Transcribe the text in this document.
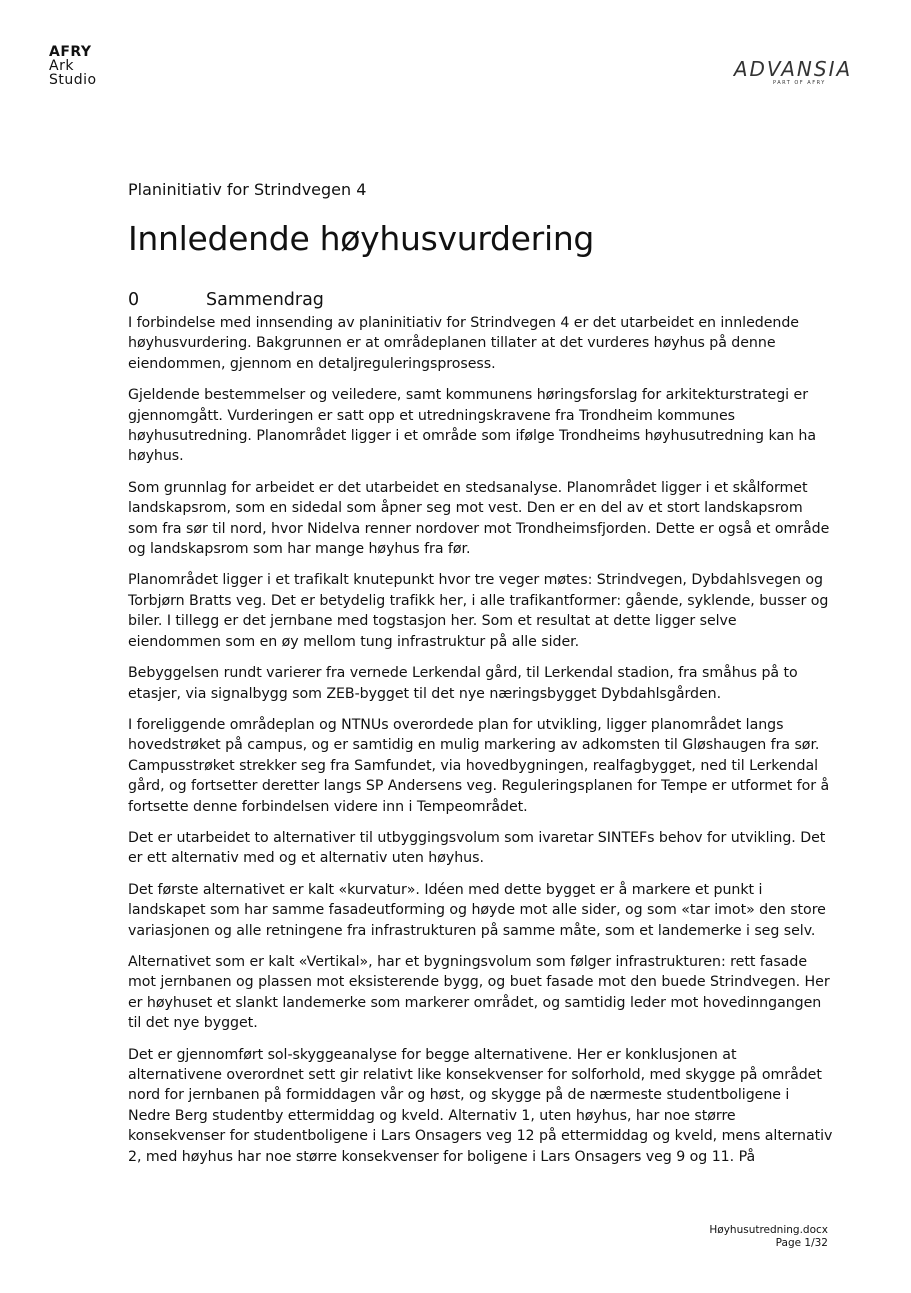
AFRY
Ark
Studio	ADVANSIA
PART OF AFRY

Planinitiativ for Strindvegen 4

Innledende høyhusvurdering
0	Sammendrag

I forbindelse med innsending av planinitiativ for Strindvegen 4 er det utarbeidet en innledende høyhusvurdering. Bakgrunnen er at områdeplanen tillater at det vurderes høyhus på denne eiendommen, gjennom en detaljreguleringsprosess.

Gjeldende bestemmelser og veiledere, samt kommunens høringsforslag for arkitekturstrategi er gjennomgått. Vurderingen er satt opp et utredningskravene fra Trondheim kommunes høyhusutredning. Planområdet ligger i et område som ifølge Trondheims høyhusutredning kan ha høyhus.

Som grunnlag for arbeidet er det utarbeidet en stedsanalyse. Planområdet ligger i et skålformet landskapsrom, som en sidedal som åpner seg mot vest. Den er en del av et stort landskapsrom som fra sør til nord, hvor Nidelva renner nordover mot Trondheimsfjorden. Dette er også et område og landskapsrom som har mange høyhus fra før.

Planområdet ligger i et trafikalt knutepunkt hvor tre veger møtes: Strindvegen, Dybdahlsvegen og Torbjørn Bratts veg. Det er betydelig trafikk her, i alle trafikantformer: gående, syklende, busser og biler. I tillegg er det jernbane med togstasjon her. Som et resultat at dette ligger selve eiendommen som en øy mellom tung infrastruktur på alle sider.

Bebyggelsen rundt varierer fra vernede Lerkendal gård, til Lerkendal stadion, fra småhus på to etasjer, via signalbygg som ZEB-bygget til det nye næringsbygget Dybdahlsgården.

I foreliggende områdeplan og NTNUs overordede plan for utvikling, ligger planområdet langs hovedstrøket på campus, og er samtidig en mulig markering av adkomsten til Gløshaugen fra sør. Campusstrøket strekker seg fra Samfundet, via hovedbygningen, realfagbygget, ned til Lerkendal gård, og fortsetter deretter langs SP Andersens veg. Reguleringsplanen for Tempe er utformet for å fortsette denne forbindelsen videre inn i Tempeområdet.

Det er utarbeidet to alternativer til utbyggingsvolum som ivaretar SINTEFs behov for utvikling. Det er ett alternativ med og et alternativ uten høyhus.

Det første alternativet er kalt «kurvatur». Idéen med dette bygget er å markere et punkt i landskapet som har samme fasadeutforming og høyde mot alle sider, og som «tar imot» den store variasjonen og alle retningene fra infrastrukturen på samme måte, som et landemerke i seg selv.

Alternativet som er kalt «Vertikal», har et bygningsvolum som følger infrastrukturen: rett fasade mot jernbanen og plassen mot eksisterende bygg, og buet fasade mot den buede Strindvegen. Her er høyhuset et slankt landemerke som markerer området, og samtidig leder mot hovedinngangen til det nye bygget.

Det er gjennomført sol-skyggeanalyse for begge alternativene. Her er konklusjonen at alternativene overordnet sett gir relativt like konsekvenser for solforhold, med skygge på området nord for jernbanen på formiddagen vår og høst, og skygge på de nærmeste studentboligene i Nedre Berg studentby ettermiddag og kveld. Alternativ 1, uten høyhus, har noe større konsekvenser for studentboligene i Lars Onsagers veg 12 på ettermiddag og kveld, mens alternativ 2, med høyhus har noe større konsekvenser for boligene i Lars Onsagers veg 9 og 11. På

Høyhusutredning.docx
Page 1/32
